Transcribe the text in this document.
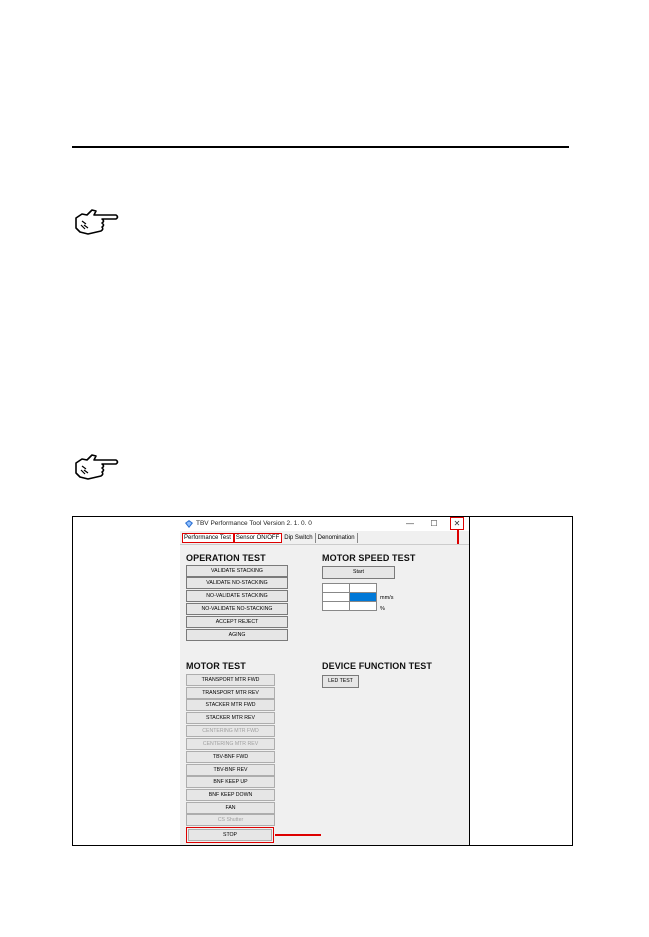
TBV Performance Tool Version 2. 1. 0. 0	—	☐	✕
Performance Test Sensor ON/OFF Dip Switch Denomination
OPERATION TEST
VALIDATE STACKING
VALIDATE NO-STACKING
NO-VALIDATE STACKING
NO-VALIDATE NO-STACKING
ACCEPT REJECT
AGING
MOTOR SPEED TEST
Start
mm/s
%
MOTOR TEST
TRANSPORT MTR FWD
TRANSPORT MTR REV
STACKER MTR FWD
STACKER MTR REV
CENTERING MTR FWD
CENTERING MTR REV
TBV-BNF FWD
TBV-BNF REV
BNF KEEP UP
BNF KEEP DOWN
FAN
CS Shutter
STOP
DEVICE FUNCTION TEST
LED TEST
